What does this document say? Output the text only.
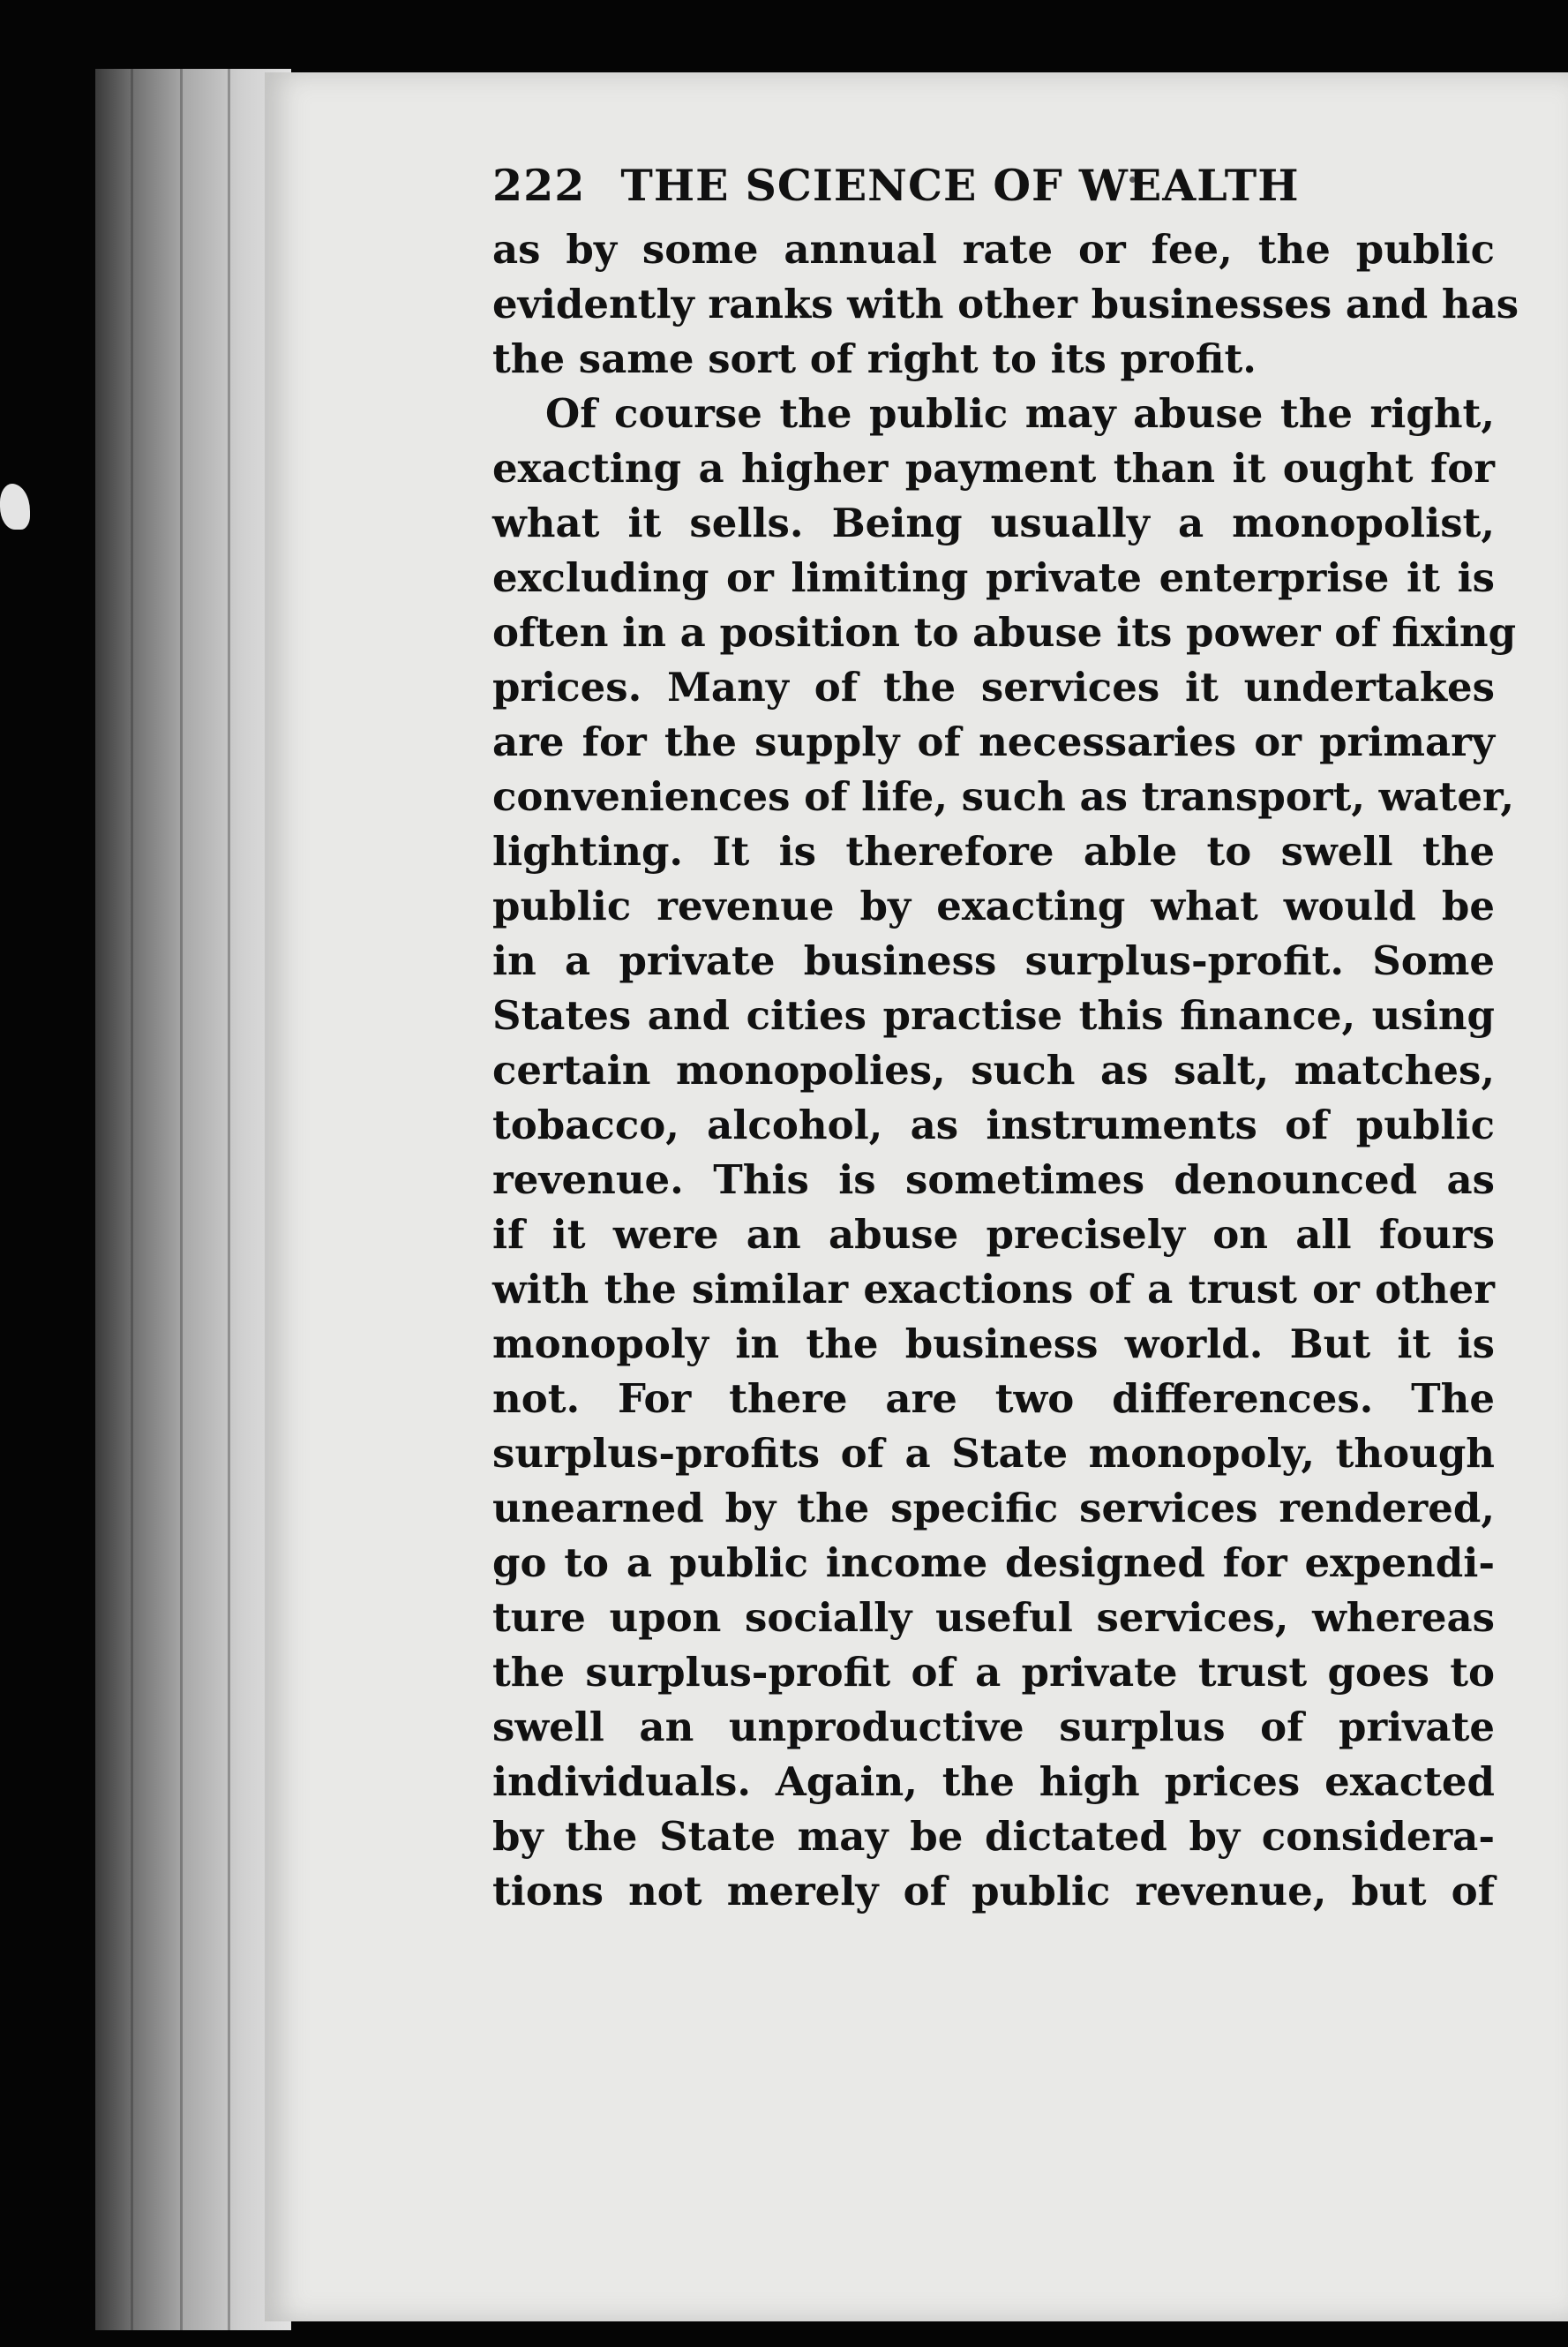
222 THE SCIENCE OF WEALTH
as by some annual rate or fee, the public
evidently ranks with other businesses and has
the same sort of right to its profit.
Of course the public may abuse the right,
exacting a higher payment than it ought for
what it sells. Being usually a monopolist,
excluding or limiting private enterprise it is
often in a position to abuse its power of fixing
prices. Many of the services it undertakes
are for the supply of necessaries or primary
conveniences of life, such as transport, water,
lighting. It is therefore able to swell the
public revenue by exacting what would be
in a private business surplus-profit. Some
States and cities practise this finance, using
certain monopolies, such as salt, matches,
tobacco, alcohol, as instruments of public
revenue. This is sometimes denounced as
if it were an abuse precisely on all fours
with the similar exactions of a trust or other
monopoly in the business world. But it is
not. For there are two differences. The
surplus-profits of a State monopoly, though
unearned by the specific services rendered,
go to a public income designed for expendi-
ture upon socially useful services, whereas
the surplus-profit of a private trust goes to
swell an unproductive surplus of private
individuals. Again, the high prices exacted
by the State may be dictated by considera-
tions not merely of public revenue, but of
